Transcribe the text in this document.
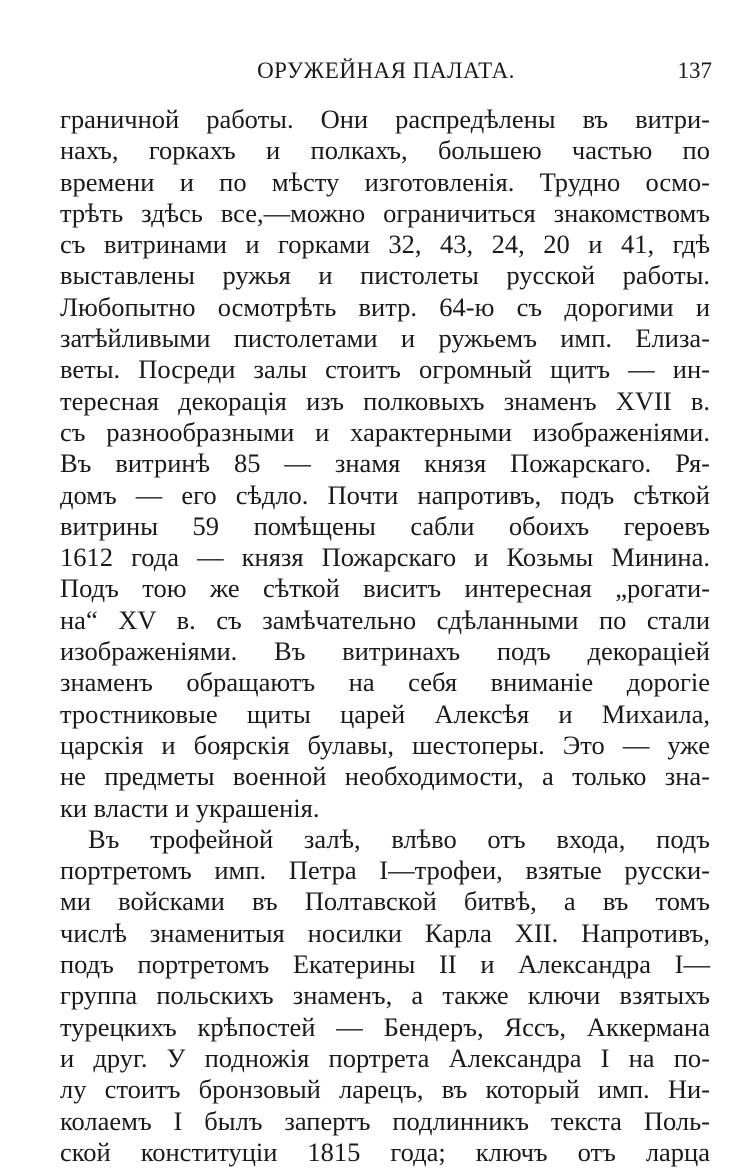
ОРУЖЕЙНАЯ ПАЛАТА.	137
граничной работы. Они распредѣлены въ витри-
нахъ, горкахъ и полкахъ, большею частью по
времени и по мѣсту изготовленія. Трудно осмо-
трѣть здѣсь все,—можно ограничиться знакомствомъ
съ витринами и горками 32, 43, 24, 20 и 41, гдѣ
выставлены ружья и пистолеты русской работы.
Любопытно осмотрѣть витр. 64-ю съ дорогими и
затѣйливыми пистолетами и ружьемъ имп. Елиза-
веты. Посреди залы стоитъ огромный щитъ — ин-
тересная декорація изъ полковыхъ знаменъ XVII в.
съ разнообразными и характерными изображеніями.
Въ витринѣ 85 — знамя князя Пожарскаго. Ря-
домъ — его сѣдло. Почти напротивъ, подъ сѣткой
витрины 59 помѣщены сабли обоихъ героевъ
1612 года — князя Пожарскаго и Козьмы Минина.
Подъ тою же сѣткой виситъ интересная „рогати-
на“ XV в. съ замѣчательно сдѣланными по стали
изображеніями. Въ витринахъ подъ декораціей
знаменъ обращаютъ на себя вниманіе дорогіе
тростниковые щиты царей Алексѣя и Михаила,
царскія и боярскія булавы, шестоперы. Это — уже
не предметы военной необходимости, а только зна-
ки власти и украшенія.
Въ трофейной залѣ, влѣво отъ входа, подъ
портретомъ имп. Петра I—трофеи, взятые русски-
ми войсками въ Полтавской битвѣ, а въ томъ
числѣ знаменитыя носилки Карла XII. Напротивъ,
подъ портретомъ Екатерины II и Александра I—
группа польскихъ знаменъ, а также ключи взятыхъ
турецкихъ крѣпостей — Бендеръ, Яссъ, Аккермана
и друг. У подножія портрета Александра I на по-
лу стоитъ бронзовый ларецъ, въ который имп. Ни-
колаемъ I былъ запертъ подлинникъ текста Поль-
ской конституціи 1815 года; ключъ отъ ларца
